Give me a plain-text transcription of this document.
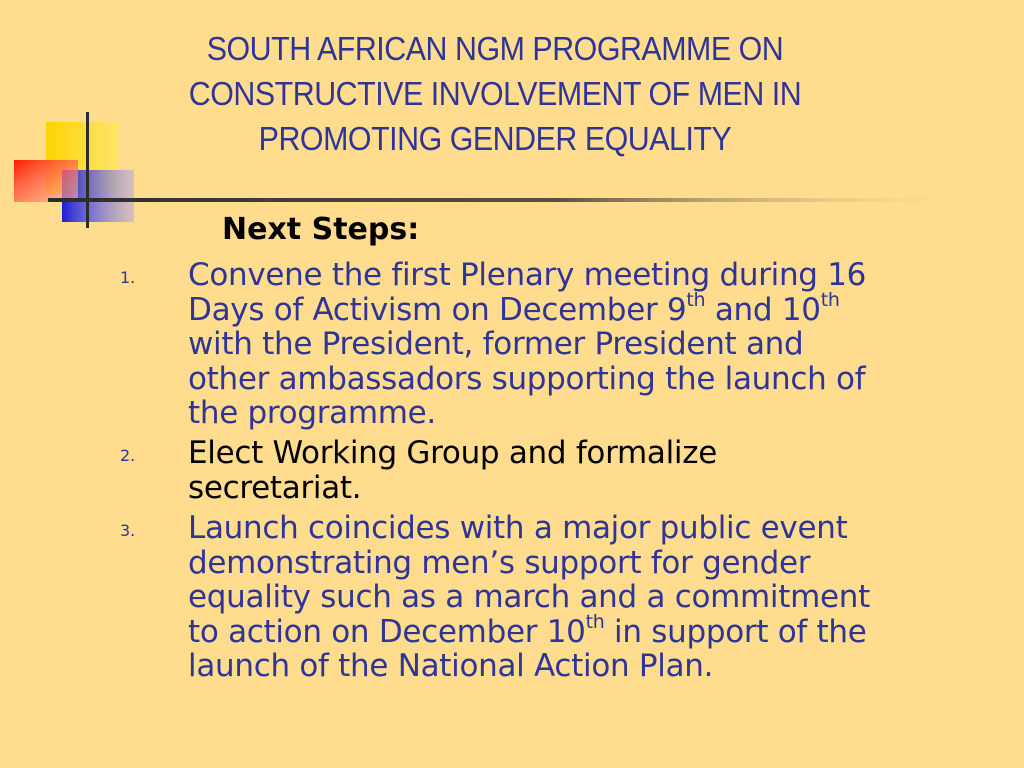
SOUTH AFRICAN NGM PROGRAMME ON
CONSTRUCTIVE INVOLVEMENT OF MEN IN
PROMOTING GENDER EQUALITY
Next Steps:
1. Convene the first Plenary meeting during 16
Days of Activism on December 9th and 10th
with the President, former President and
other ambassadors supporting the launch of
the programme.
2. Elect Working Group and formalize
secretariat.
3. Launch coincides with a major public event
demonstrating men’s support for gender
equality such as a march and a commitment
to action on December 10th in support of the
launch of the National Action Plan.
